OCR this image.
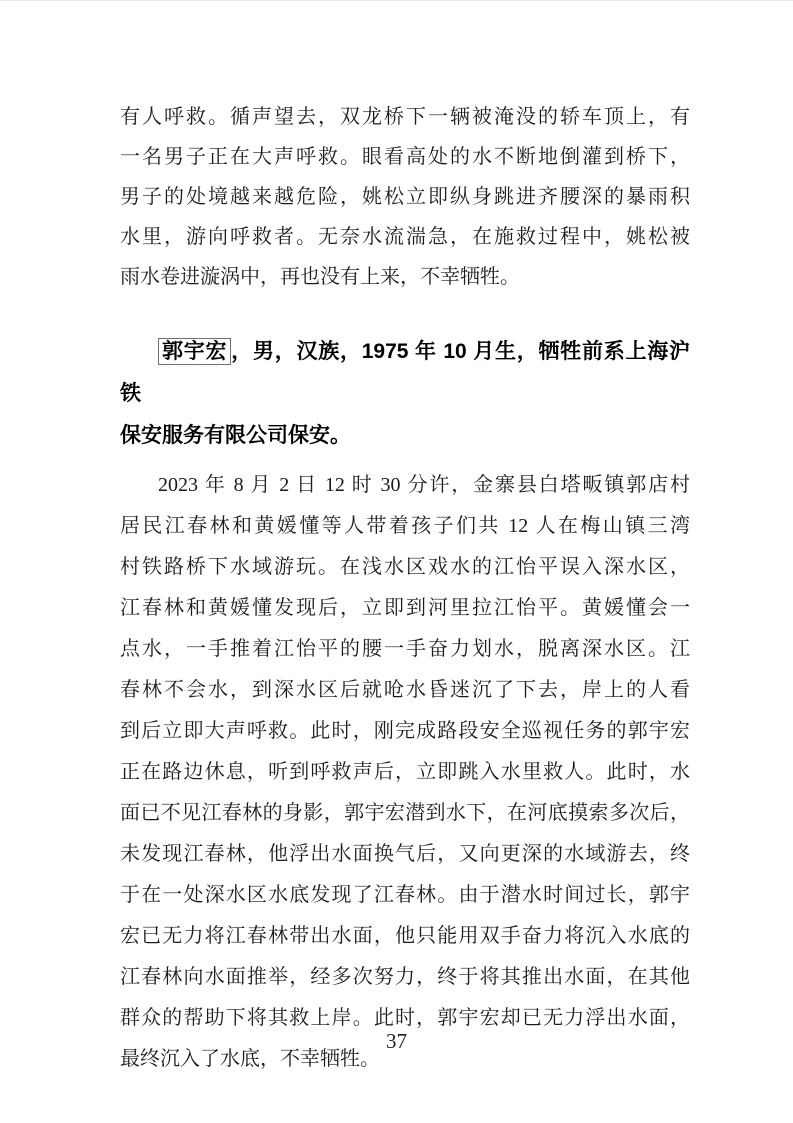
有人呼救。循声望去，双龙桥下一辆被淹没的轿车顶上，有
一名男子正在大声呼救。眼看高处的水不断地倒灌到桥下，
男子的处境越来越危险，姚松立即纵身跳进齐腰深的暴雨积
水里，游向呼救者。无奈水流湍急，在施救过程中，姚松被
雨水卷进漩涡中，再也没有上来，不幸牺牲。
郭宇宏 ，男，汉族，1975 年 10 月生，牺牲前系上海沪铁
保安服务有限公司保安。
2023 年 8 月 2 日 12 时 30 分许，金寨县白塔畈镇郭店村
居民江春林和黄媛懂等人带着孩子们共 12 人在梅山镇三湾
村铁路桥下水域游玩。在浅水区戏水的江怡平误入深水区，
江春林和黄媛懂发现后，立即到河里拉江怡平。黄媛懂会一
点水，一手推着江怡平的腰一手奋力划水，脱离深水区。江
春林不会水，到深水区后就呛水昏迷沉了下去，岸上的人看
到后立即大声呼救。此时，刚完成路段安全巡视任务的郭宇宏
正在路边休息，听到呼救声后，立即跳入水里救人。此时，水
面已不见江春林的身影，郭宇宏潜到水下，在河底摸索多次后，
未发现江春林，他浮出水面换气后，又向更深的水域游去，终
于在一处深水区水底发现了江春林。由于潜水时间过长，郭宇
宏已无力将江春林带出水面，他只能用双手奋力将沉入水底的
江春林向水面推举，经多次努力，终于将其推出水面，在其他
群众的帮助下将其救上岸。此时，郭宇宏却已无力浮出水面，
最终沉入了水底，不幸牺牲。
37
